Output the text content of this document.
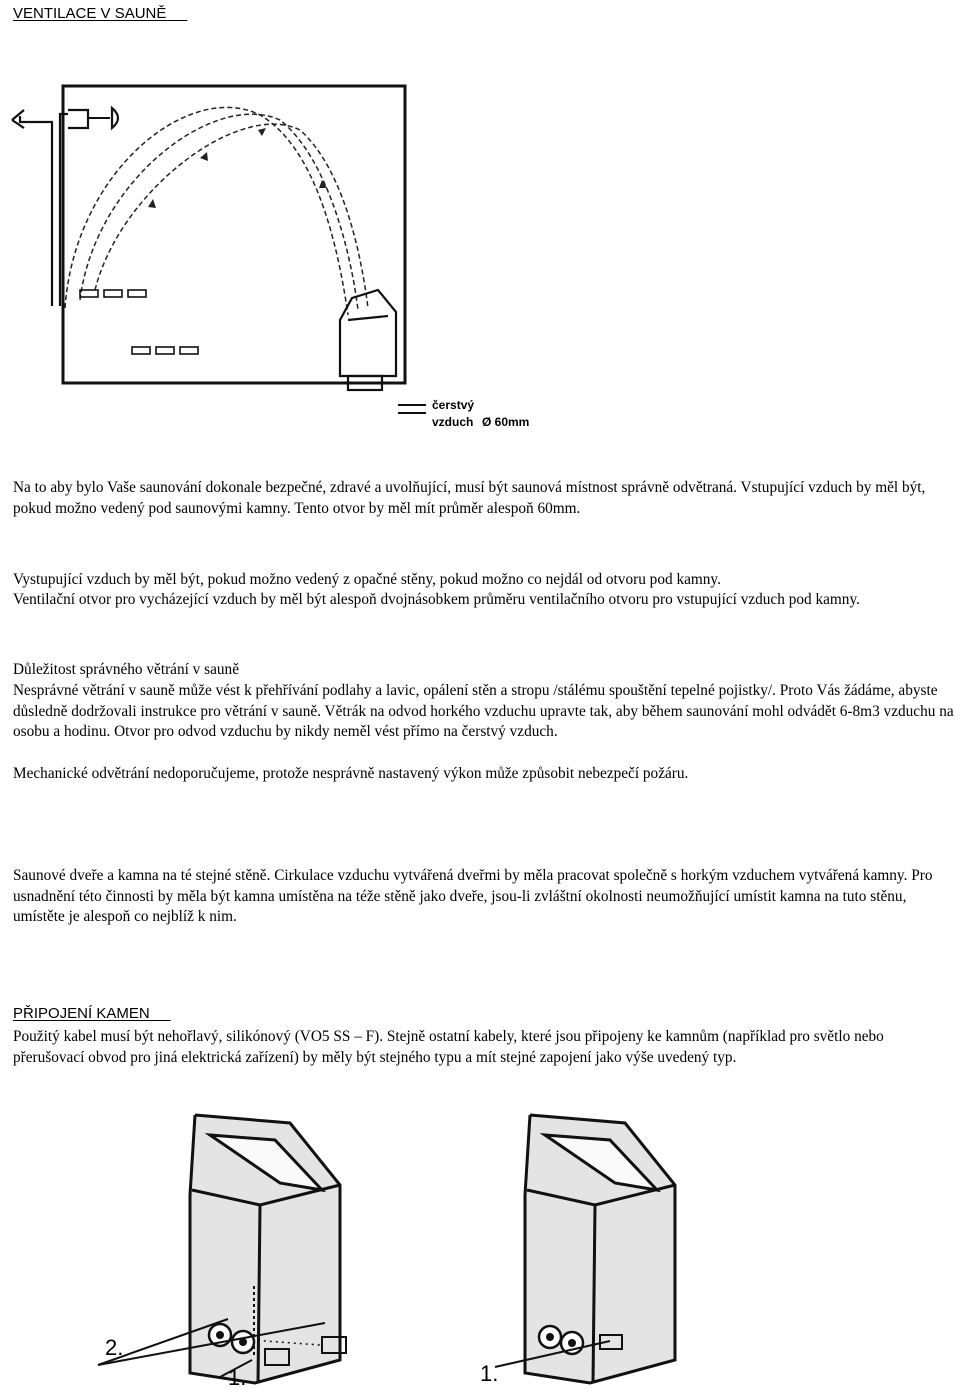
VENTILACE V SAUNĚ
čerstvý
vzduch Ø 60mm

Na to aby bylo Vaše saunování dokonale bezpečné, zdravé a uvolňující, musí být saunová místnost správně odvětraná. Vstupující vzduch by měl být, pokud možno vedený pod saunovými kamny. Tento otvor by měl mít průměr alespoň 60mm.

Vystupující vzduch by měl být, pokud možno vedený z opačné stěny, pokud možno co nejdál od otvoru pod kamny.

Ventilační otvor pro vycházející vzduch by měl být alespoň dvojnásobkem průměru ventilačního otvoru pro vstupující vzduch pod kamny.

Důležitost správného větrání v sauně

Nesprávné větrání v sauně může vést k přehřívání podlahy a lavic, opálení stěn a stropu /stálému spouštění tepelné pojistky/. Proto Vás žádáme, abyste důsledně dodržovali instrukce pro větrání v sauně. Větrák na odvod horkého vzduchu upravte tak, aby během saunování mohl odvádět 6-8m3 vzduchu na osobu a hodinu. Otvor pro odvod vzduchu by nikdy neměl vést přímo na čerstvý vzduch.

Mechanické odvětrání nedoporučujeme, protože nesprávně nastavený výkon může způsobit nebezpečí požáru.

Saunové dveře a kamna na té stejné stěně. Cirkulace vzduchu vytvářená dveřmi by měla pracovat společně s horkým vzduchem vytvářená kamny. Pro usnadnění této činnosti by měla být kamna umístěna na téže stěně jako dveře, jsou-li zvláštní okolnosti neumožňující umístit kamna na tuto stěnu, umístěte je alespoň co nejblíž k nim.

PŘIPOJENÍ KAMEN

Použitý kabel musí být nehořlavý, silikónový (VO5 SS – F). Stejně ostatní kabely, které jsou připojeny ke kamnům (například pro světlo nebo přerušovací obvod pro jiná elektrická zařízení) by měly být stejného typu a mít stejné zapojení jako výše uvedený typ.

2.
1.	1.
